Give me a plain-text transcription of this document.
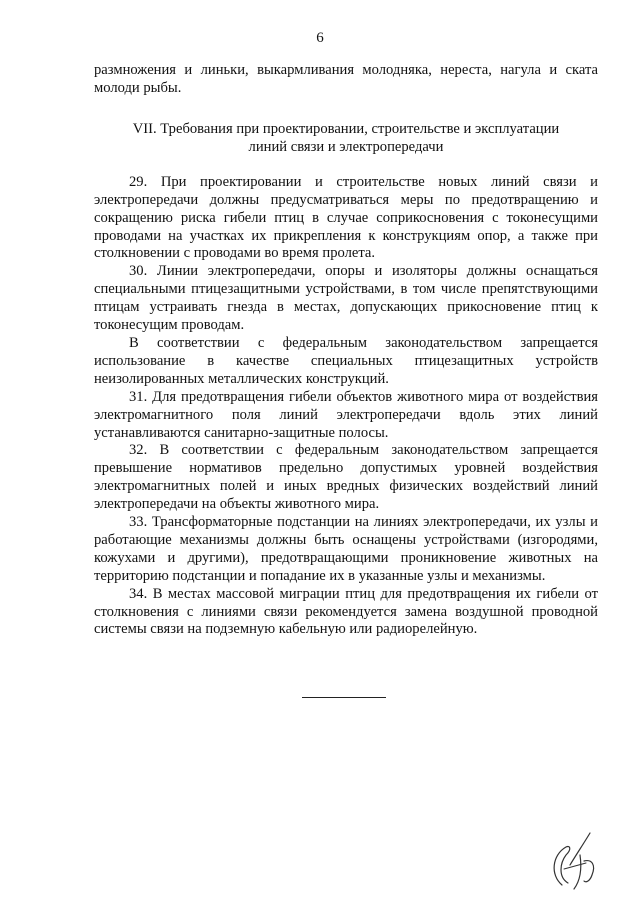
6

размножения и линьки, выкармливания молодняка, нереста, нагула и ската молоди рыбы.

VII. Требования при проектировании, строительстве и эксплуатации
линий связи и электропередачи

29. При проектировании и строительстве новых линий связи и электропередачи должны предусматриваться меры по предотвращению и сокращению риска гибели птиц в случае соприкосновения с токонесущими проводами на участках их прикрепления к конструкциям опор, а также при столкновении с проводами во время пролета.

30. Линии электропередачи, опоры и изоляторы должны оснащаться специальными птицезащитными устройствами, в том числе препятствующими птицам устраивать гнезда в местах, допускающих прикосновение птиц к токонесущим проводам.

В соответствии с федеральным законодательством запрещается использование в качестве специальных птицезащитных устройств неизолированных металлических конструкций.

31. Для предотвращения гибели объектов животного мира от воздействия электромагнитного поля линий электропередачи вдоль этих линий устанавливаются санитарно-защитные полосы.

32. В соответствии с федеральным законодательством запрещается превышение нормативов предельно допустимых уровней воздействия электромагнитных полей и иных вредных физических воздействий линий электропередачи на объекты животного мира.

33. Трансформаторные подстанции на линиях электропередачи, их узлы и работающие механизмы должны быть оснащены устройствами (изгородями, кожухами и другими), предотвращающими проникновение животных на территорию подстанции и попадание их в указанные узлы и механизмы.

34. В местах массовой миграции птиц для предотвращения их гибели от столкновения с линиями связи рекомендуется замена воздушной проводной системы связи на подземную кабельную или радиорелейную.
